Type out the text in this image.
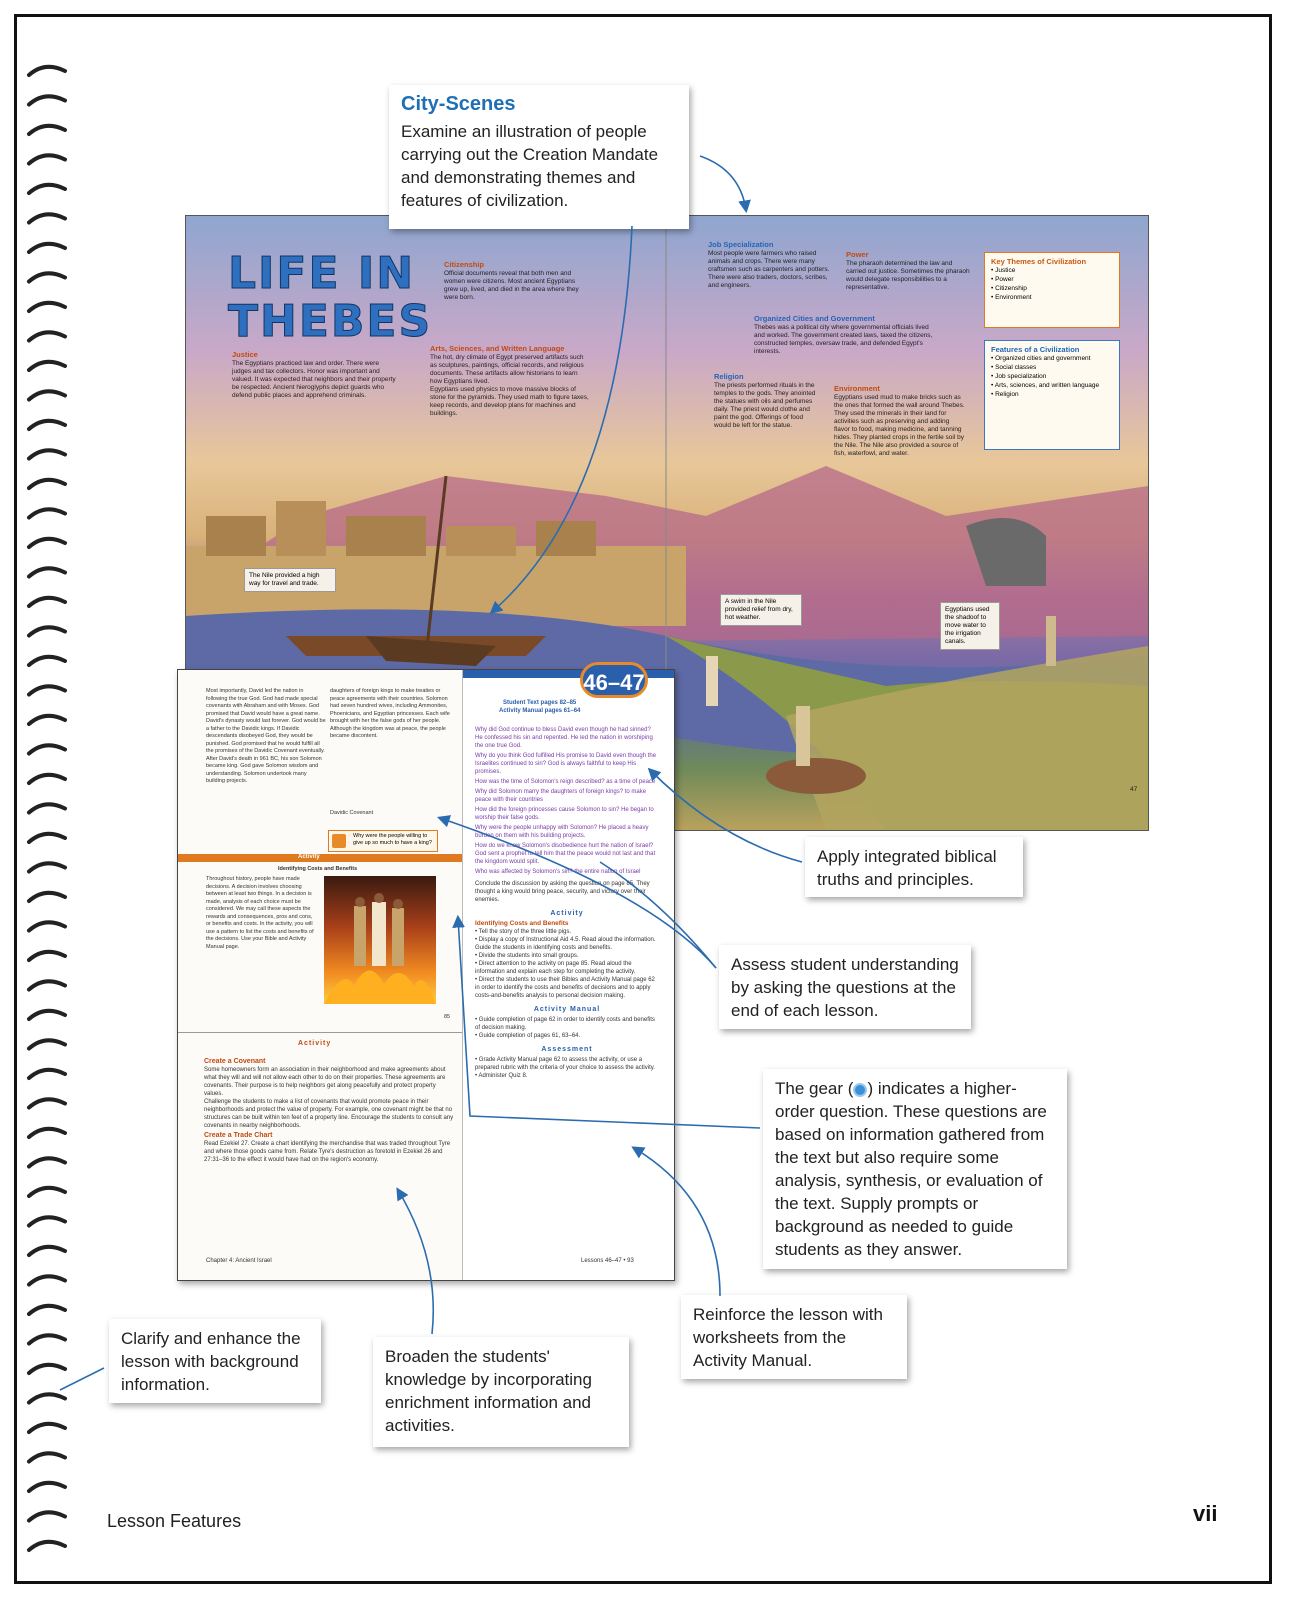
LIFE IN
THEBES
Justice
The Egyptians practiced law and order. There were judges and tax collectors. Honor was important and valued. It was expected that neighbors and their property be respected. Ancient hieroglyphs depict guards who defend public places and apprehend criminals.
Citizenship
Official documents reveal that both men and women were citizens. Most ancient Egyptians grew up, lived, and died in the area where they were born.
Arts, Sciences, and Written Language
The hot, dry climate of Egypt preserved artifacts such as sculptures, paintings, official records, and religious documents. These artifacts allow historians to learn how Egyptians lived.
Egyptians used physics to move massive blocks of stone for the pyramids. They used math to figure taxes, keep records, and develop plans for machines and buildings.
Job Specialization
Most people were farmers who raised animals and crops. There were many craftsmen such as carpenters and potters. There were also traders, doctors, scribes, and engineers.
Power
The pharaoh determined the law and carried out justice. Sometimes the pharaoh would delegate responsibilities to a representative.
Organized Cities and Government
Thebes was a political city where governmental officials lived and worked. The government created laws, taxed the citizens, constructed temples, oversaw trade, and defended Egypt's interests.
Religion
The priests performed rituals in the temples to the gods. They anointed the statues with oils and perfumes daily. The priest would clothe and paint the god. Offerings of food would be left for the statue.
Environment
Egyptians used mud to make bricks such as the ones that formed the wall around Thebes. They used the minerals in their land for activities such as preserving and adding flavor to food, making medicine, and tanning hides. They planted crops in the fertile soil by the Nile. The Nile also provided a source of fish, waterfowl, and water.
Key Themes of Civilization
• Justice
• Power
• Citizenship
• Environment
Features of a Civilization
• Organized cities and government
• Social classes
• Job specialization
• Arts, sciences, and written language
• Religion
The Nile provided a high way for travel and trade.
A swim in the Nile provided relief from dry, hot weather.
Egyptians used the shadoof to move water to the irrigation canals.
47
Most importantly, David led the nation in following the true God. God had made special covenants with Abraham and with Moses. God promised that David would have a great name. David's dynasty would last forever. God would be a father to the Davidic kings. If Davidic descendants disobeyed God, they would be punished. God promised that he would fulfill all the promises of the Davidic Covenant eventually. After David's death in 961 BC, his son Solomon became king. God gave Solomon wisdom and understanding. Solomon undertook many building projects.
daughters of foreign kings to make treaties or peace agreements with their countries. Solomon had seven hundred wives, including Ammonites, Phoenicians, and Egyptian princesses. Each wife brought with her the false gods of her people. Although the kingdom was at peace, the people became discontent.
Davidic Covenant
Why were the people willing to give up so much to have a king?
Activity
Identifying Costs and Benefits
Throughout history, people have made decisions. A decision involves choosing between at least two things. In a decision is made, analysis of each choice must be considered. We may call these aspects the rewards and consequences, pros and cons, or benefits and costs. In the activity, you will use a pattern to list the costs and benefits of the decisions. Use your Bible and Activity Manual page.
85
Activity
Create a Covenant
Some homeowners form an association in their neighborhood and make agreements about what they will and will not allow each other to do on their properties. These agreements are covenants. Their purpose is to help neighbors get along peacefully and protect property values.
Challenge the students to make a list of covenants that would promote peace in their neighborhoods and protect the value of property. For example, one covenant might be that no structures can be built within ten feet of a property line. Encourage the students to consult any covenants in nearby neighborhoods.
Create a Trade Chart
Read Ezekiel 27. Create a chart identifying the merchandise that was traded throughout Tyre and where those goods came from. Relate Tyre's destruction as foretold in Ezekiel 26 and 27:31–36 to the effect it would have had on the region's economy.
Chapter 4: Ancient Israel
Student Text pages 82–85
Activity Manual pages 61–64
Why did God continue to bless David even though he had sinned? He confessed his sin and repented. He led the nation in worshiping the one true God.
Why do you think God fulfilled His promise to David even though the Israelites continued to sin? God is always faithful to keep His promises.
How was the time of Solomon's reign described? as a time of peace
Why did Solomon marry the daughters of foreign kings? to make peace with their countries
How did the foreign princesses cause Solomon to sin? He began to worship their false gods.
Why were the people unhappy with Solomon? He placed a heavy burden on them with his building projects.
How do we know Solomon's disobedience hurt the nation of Israel? God sent a prophet to tell him that the peace would not last and that the kingdom would split.
Who was affected by Solomon's sin? the entire nation of Israel
Conclude the discussion by asking the question on page 85. They thought a king would bring peace, security, and victory over their enemies.
Activity
Identifying Costs and Benefits
• Tell the story of the three little pigs.
• Display a copy of Instructional Aid 4.5. Read aloud the information. Guide the students in identifying costs and benefits.
• Divide the students into small groups.
• Direct attention to the activity on page 85. Read aloud the information and explain each step for completing the activity.
• Direct the students to use their Bibles and Activity Manual page 62 in order to identify the costs and benefits of decisions and to apply costs-and-benefits analysis to personal decision making.
Activity Manual
• Guide completion of page 62 in order to identify costs and benefits of decision making.
• Guide completion of pages 61, 63–64.
Assessment
• Grade Activity Manual page 62 to assess the activity, or use a prepared rubric with the criteria of your choice to assess the activity.
• Administer Quiz 8.
Lessons 46–47 • 93
46–47
City-Scenes
Examine an illustration of people carrying out the Creation Mandate and demonstrating themes and features of civilization.
Apply integrated biblical truths and principles.
Assess student understanding by asking the questions at the end of each lesson.
The gear ( ) indicates a higher-order question. These questions are based on information gathered from the text but also require some analysis, synthesis, or evaluation of the text. Supply prompts or background as needed to guide students as they answer.
Reinforce the lesson with worksheets from the Activity Manual.
Clarify and enhance the lesson with background information.
Broaden the students' knowledge by incorporating enrichment information and activities.
Lesson Features	vii
